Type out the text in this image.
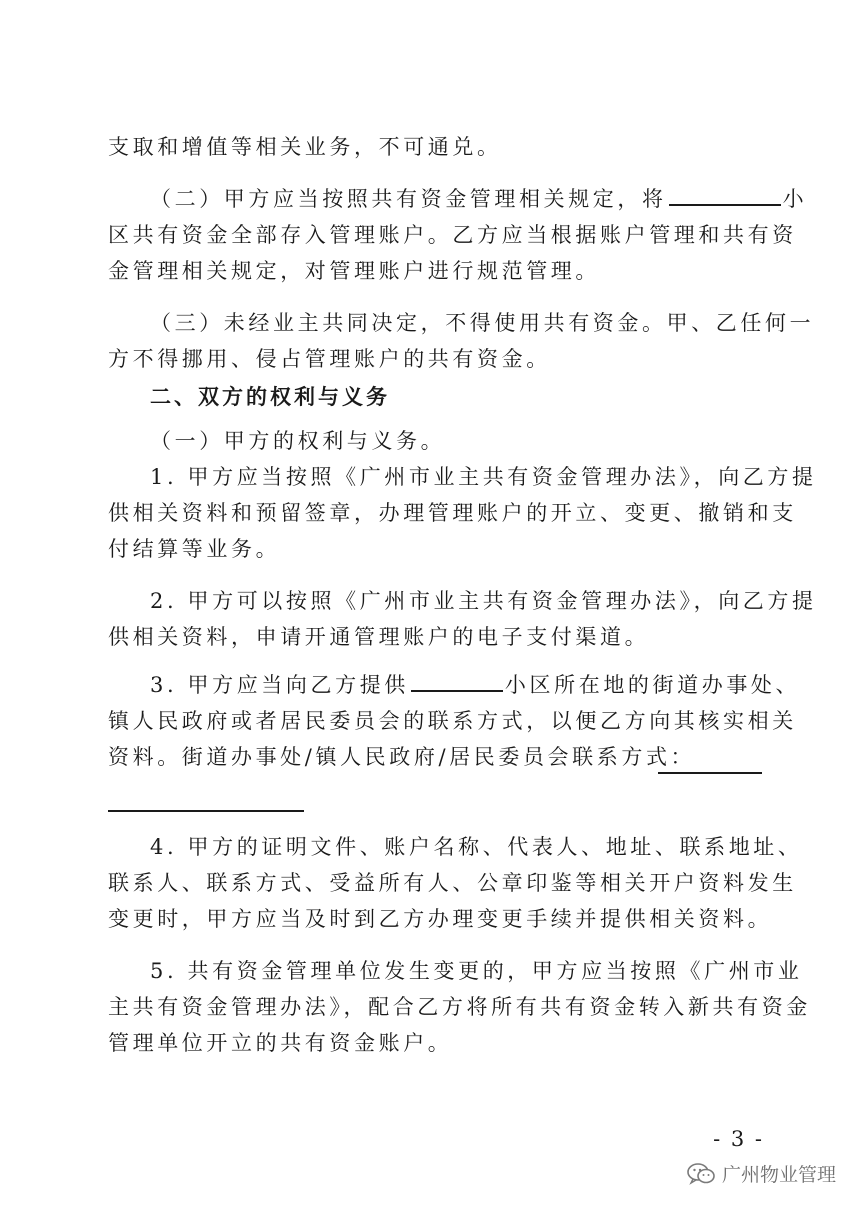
支取和增值等相关业务，不可通兑。
（二）甲方应当按照共有资金管理相关规定，将	小
区共有资金全部存入管理账户。乙方应当根据账户管理和共有资
金管理相关规定，对管理账户进行规范管理。
（三）未经业主共同决定，不得使用共有资金。甲、乙任何一
方不得挪用、侵占管理账户的共有资金。
二、双方的权利与义务
（一）甲方的权利与义务。
1. 甲方应当按照《广州市业主共有资金管理办法》，向乙方提
供相关资料和预留签章，办理管理账户的开立、变更、撤销和支
付结算等业务。
2. 甲方可以按照《广州市业主共有资金管理办法》，向乙方提
供相关资料，申请开通管理账户的电子支付渠道。
3. 甲方应当向乙方提供	小区所在地的街道办事处、
镇人民政府或者居民委员会的联系方式，以便乙方向其核实相关
资料。街道办事处/镇人民政府/居民委员会联系方式：
4. 甲方的证明文件、账户名称、代表人、地址、联系地址、
联系人、联系方式、受益所有人、公章印鉴等相关开户资料发生
变更时，甲方应当及时到乙方办理变更手续并提供相关资料。
5. 共有资金管理单位发生变更的，甲方应当按照《广州市业
主共有资金管理办法》，配合乙方将所有共有资金转入新共有资金
管理单位开立的共有资金账户。
- 3 -
广州物业管理
